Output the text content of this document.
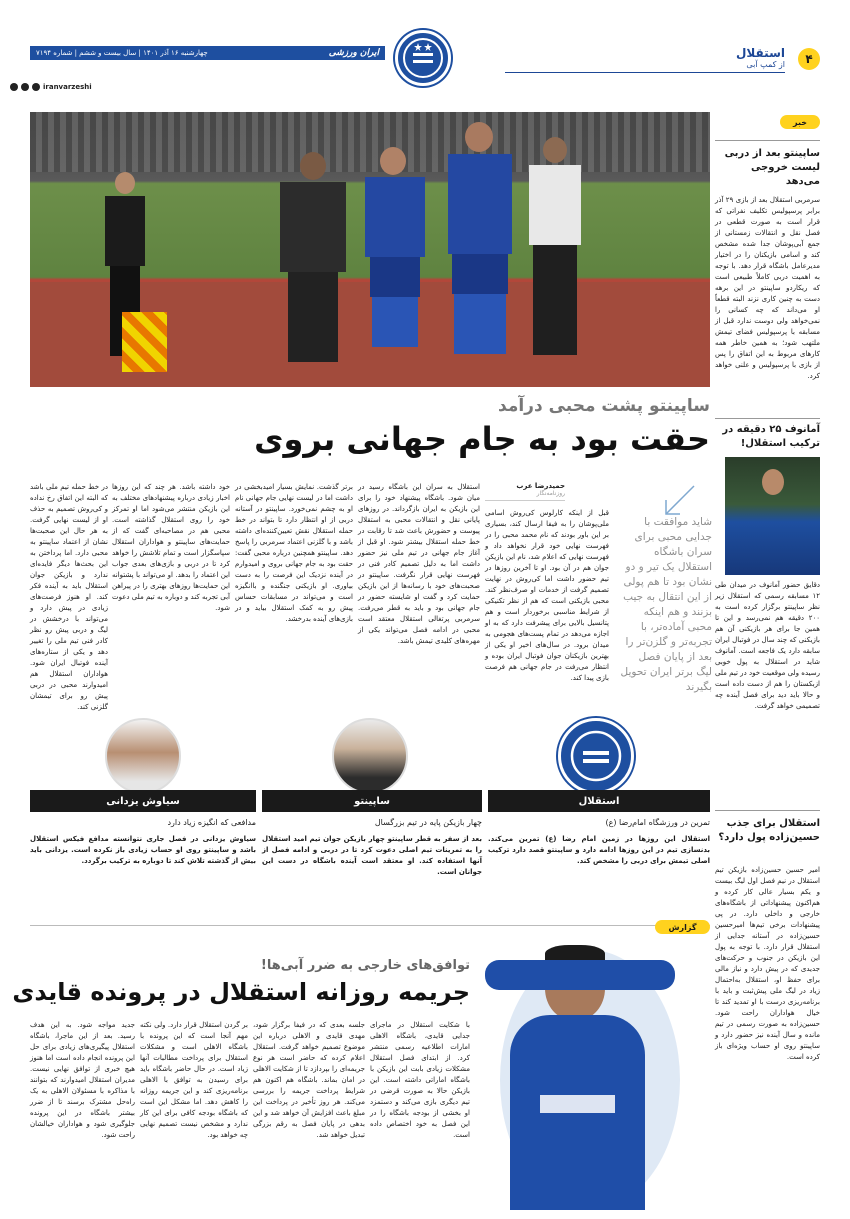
۴
استقلال
از کمپ آبی
iranvarzeshi
ایران ورزشی
چهارشنبه ۱۶ آذر ۱۴۰۱ | سال بیست و ششم | شماره ۷۱۹۴
خبر
ساپینتو بعد از دربی لیست خروجی می‌دهد
سرمربی استقلال بعد از بازی ۲۹ آذر برابر پرسپولیس تکلیف نفراتی که قرار است به صورت قطعی در فصل نقل و انتقالات زمستانی از جمع آبی‌پوشان جدا شده مشخص کند و اسامی بازیکنان را در اختیار مدیرعامل باشگاه قرار دهد. با توجه به اهمیت دربی کاملاً طبیعی است که ریکاردو ساپینتو در این برهه دست به چنین کاری نزند البته قطعاً او می‌داند که چه کسانی را نمی‌خواهد ولی دوست ندارد قبل از مسابقه با پرسپولیس فضای تیمش ملتهب شود؛ به همین خاطر همه کارهای مربوط به این اتفاق را پس از بازی با پرسپولیس و علنی خواهد کرد.
آمانوف ۲۵ دقیقه در ترکیب استقلال!
دقایق حضور آمانوف در میدان طی ۱۲ مسابقه رسمی که استقلال زیر نظر ساپینتو برگزار کرده است به ۲۰۰ دقیقه هم نمی‌رسد و این تا همین جا برای هر بازیکنی آن هم بازیکنی که چند سال در فوتبال ایران سابقه دارد یک فاجعه است. آمانوف شاید در استقلال به پول خوبی رسیده ولی موقعیت خود در تیم ملی ازبکستان را هم از دست داده است و حالا باید دید برای فصل آینده چه تصمیمی خواهد گرفت.
استقلال برای جذب حسین‌زاده پول دارد؟
امیر حسین حسین‌زاده بازیکن تیم استقلال در نیم فصل اول لیگ بیست و یکم بسیار عالی کار کرده و هم‌اکنون پیشنهاداتی از باشگاه‌های خارجی و داخلی دارد. در پی پیشنهادات برخی تیم‌ها امیرحسین حسین‌زاده در آستانه جدایی از استقلال قرار دارد. با توجه به پول این بازیکن در جنوب و حرکت‌های جدیدی که در پیش دارد و نیاز مالی برای حفظ او، استقلال به‌احتمال زیاد در لیگ ملی پیش‌ثبت و باید با برنامه‌ریزی درست با او تمدید کند تا خیال هواداران راحت شود. حسین‌زاده به صورت رسمی در تیم مانده و سال آینده نیز حضور دارد و ساپینتو روی او حساب ویژه‌ای باز کرده است.
ساپینتو پشت محبی درآمد
حقت بود به جام جهانی بروی
حمیدرضا عرب
روزنامه‌نگار
شاید موافقت با جدایی محبی برای سران باشگاه استقلال یک تیر و دو نشان بود تا هم پولی از این انتقال به جیب بزنند و هم اینکه محبی آماده‌تر، با تجربه‌تر و گلزن‌تر را بعد از پایان فصل لیگ برتر ایران تحویل بگیرند
قبل از اینکه کارلوس کی‌روش اسامی ملی‌پوشان را به فیفا ارسال کند، بسیاری بر این باور بودند که نام محمد محبی را در فهرست نهایی خود قرار نخواهد داد و فهرست نهایی که اعلام شد، نام این بازیکن جوان هم در آن بود. او تا آخرین روزها در تیم حضور داشت اما کی‌روش در نهایت تصمیم گرفت از خدمات او صرف‌نظر کند. محبی بازیکنی است که هم از نظر تکنیکی از شرایط مناسبی برخوردار است و هم پتانسیل بالایی برای پیشرفت دارد که به او اجازه می‌دهد در تمام پست‌های هجومی به میدان برود. در سال‌های اخیر او یکی از بهترین بازیکنان جوان فوتبال ایران بوده و انتظار می‌رفت در جام جهانی هم فرصت بازی پیدا کند.
استقلال به سران این باشگاه رسید در میان شود. باشگاه پیشنهاد خود را برای این بازیکن به ایران بازگرداند. در روزهای پایانی نقل و انتقالات محبی به استقلال پیوست و حضورش باعث شد تا رقابت در خط حمله استقلال بیشتر شود. او قبل از آغاز جام جهانی در تیم ملی نیز حضور داشت اما به دلیل تصمیم کادر فنی در فهرست نهایی قرار نگرفت. ساپینتو در صحبت‌های خود با رسانه‌ها از این بازیکن حمایت کرد و گفت او شایسته حضور در جام جهانی بود و باید به قطر می‌رفت. سرمربی پرتغالی استقلال معتقد است محبی در ادامه فصل می‌تواند یکی از مهره‌های کلیدی تیمش باشد.
برتر گذشت. نمایش بسیار امیدبخشی در داشت اما در لیست نهایی جام جهانی نام او به چشم نمی‌خورد. ساپینتو در آستانه دربی از او انتظار دارد تا بتواند در خط حمله استقلال نقش تعیین‌کننده‌ای داشته باشد و با گلزنی اعتماد سرمربی را پاسخ دهد. ساپینتو همچنین درباره محبی گفت: حقت بود به جام جهانی بروی و امیدوارم در آینده نزدیک این فرصت را به دست بیاوری. او بازیکنی جنگنده و باانگیزه است و می‌تواند در مسابقات حساس پیش رو به کمک استقلال بیاید و در بازی‌های آینده بدرخشد.
خود داشته باشد. هر چند که این روزها اخبار زیادی درباره پیشنهادهای مختلف به این بازیکن منتشر می‌شود اما او تمرکز خود را روی استقلال گذاشته است. محبی هم در مصاحبه‌ای گفت که از حمایت‌های ساپینتو و هواداران استقلال سپاسگزار است و تمام تلاشش را خواهد کرد تا در دربی و بازی‌های بعدی جواب این اعتماد را بدهد. او می‌تواند با پشتوانه این حمایت‌ها روزهای بهتری را در پیراهن آبی تجربه کند و دوباره به تیم ملی دعوت شود.
در خط حمله تیم ملی باشد که البته این اتفاق رخ نداده و کی‌روش تصمیم به حذف او از لیست نهایی گرفت. به هر حال این صحبت‌ها نشان از اعتماد ساپینتو به محبی دارد. اما پرداختن به این بحث‌ها دیگر فایده‌ای ندارد و بازیکن جوان استقلال باید به آینده فکر کند. او هنوز فرصت‌های زیادی در پیش دارد و می‌تواند با درخشش در لیگ و دربی پیش رو نظر کادر فنی تیم ملی را تغییر دهد و یکی از ستاره‌های آینده فوتبال ایران شود. هواداران استقلال هم امیدوارند محبی در دربی پیش رو برای تیمشان گلزنی کند.
استقلال
تمرین در ورزشگاه امام‌رضا (ع)
استقلال این روزها در زمین امام رضا (ع) تمرین می‌کند. بدنسازی تیم در این روزها ادامه دارد و ساپینتو قصد دارد ترکیب اصلی تیمش برای دربی را مشخص کند.
ساپینتو
چهار بازیکن پایه در تیم بزرگسال
بعد از سفر به قطر ساپینتو چهار بازیکن جوان تیم امید استقلال را به تمرینات تیم اصلی دعوت کرد تا در دربی و ادامه فصل از آنها استفاده کند. او معتقد است آینده باشگاه در دست این جوانان است.
سیاوش یزدانی
مدافعی که انگیزه زیاد دارد
سیاوش یزدانی در فصل جاری نتوانسته مدافع فیکس استقلال باشد و ساپینتو روی او حساب زیادی باز نکرده است. یزدانی باید بیش از گذشته تلاش کند تا دوباره به ترکیب برگردد.
گزارش
توافق‌های خارجی به ضرر آبی‌ها!
جریمه روزانه استقلال در پرونده قایدی
با شکایت استقلال در ماجرای جدایی قایدی، باشگاه الاهلی امارات اطلاعیه رسمی منتشر کرد. از ابتدای فصل استقلال مشکلات زیادی بابت این بازیکن با باشگاه اماراتی داشته است. این بازیکن حالا به صورت قرضی در تیم دیگری بازی می‌کند و دستمزد او بخشی از بودجه باشگاه را در این فصل به خود اختصاص داده است.
جلسه بعدی که در فیفا برگزار شود، مهدی قایدی و الاهلی درباره این موضوع تصمیم خواهد گرفت. استقلال اعلام کرده که حاضر است هر نوع جریمه‌ای را بپردازد تا از شکایت الاهلی در امان بماند. باشگاه هم اکنون هم شرایط پرداخت جریمه را بررسی می‌کند. هر روز تأخیر در پرداخت این مبلغ باعث افزایش آن خواهد شد و این بدهی در پایان فصل به رقم بزرگی تبدیل خواهد شد.
بر گردن استقلال قرار دارد. ولی نکته مهم آنجا است که این پرونده با باشگاه الاهلی است و مشکلات استقلال برای پرداخت مطالبات آنها زیاد است. در حال حاضر باشگاه باید برای رسیدن به توافق با الاهلی برنامه‌ریزی کند و این جریمه روزانه را کاهش دهد. اما مشکل این است که باشگاه بودجه کافی برای این کار ندارد و مشخص نیست تصمیم نهایی چه خواهد بود.
جدید مواجه شود. به این هدف رسید. بعد از این ماجرا، باشگاه استقلال پیگیری‌های زیادی برای حل این پرونده انجام داده است اما هنوز هیچ خبری از توافق نهایی نیست. مدیران استقلال امیدوارند که بتوانند با مذاکره با مسئولان الاهلی به یک راه‌حل مشترک برسند تا از ضرر بیشتر باشگاه در این پرونده جلوگیری شود و هواداران خیالشان راحت شود.
